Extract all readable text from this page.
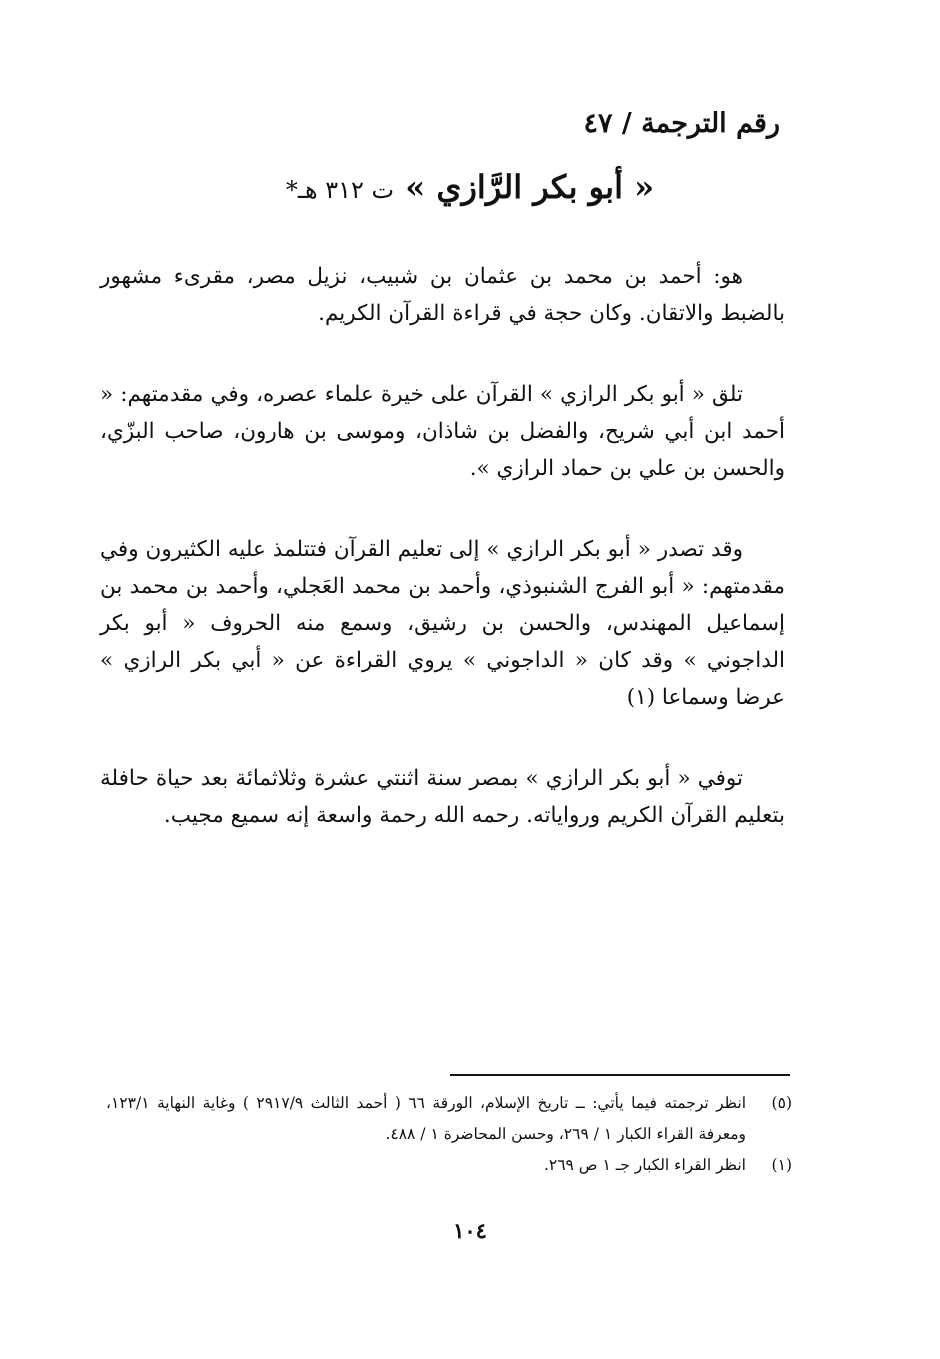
رقم الترجمة / ٤٧
« أبو بكر الرَّازي » ت ٣١٢ هـ*

هو: أحمد بن محمد بن عثمان بن شبيب، نزيل مصر، مقرىء مشهور بالضبط والاتقان. وكان حجة في قراءة القرآن الكريم.

تلق « أبو بكر الرازي » القرآن على خيرة علماء عصره، وفي مقدمتهم: « أحمد ابن أبي شريح، والفضل بن شاذان، وموسى بن هارون، صاحب البزّي، والحسن بن علي بن حماد الرازي ».

وقد تصدر « أبو بكر الرازي » إلى تعليم القرآن فتتلمذ عليه الكثيرون وفي مقدمتهم: « أبو الفرج الشنبوذي، وأحمد بن محمد العَجلي، وأحمد بن محمد بن إسماعيل المهندس، والحسن بن رشيق، وسمع منه الحروف « أبو بكر الداجوني » وقد كان « الداجوني » يروي القراءة عن « أبي بكر الرازي » عرضا وسماعا (١)

توفي « أبو بكر الرازي » بمصر سنة اثنتي عشرة وثلاثمائة بعد حياة حافلة بتعليم القرآن الكريم ورواياته. رحمه الله رحمة واسعة إنه سميع مجيب.

(٥)
انظر ترجمته فيما يأتي: ــ تاريخ الإسلام، الورقة ٦٦ ( أحمد الثالث ٢٩١٧/٩ ) وغاية النهاية ١٢٣/١، ومعرفة القراء الكبار ١ / ٢٦٩، وحسن المحاضرة ١ / ٤٨٨.
(١)
انظر القراء الكبار جـ ١ ص ٢٦٩.
١٠٤
